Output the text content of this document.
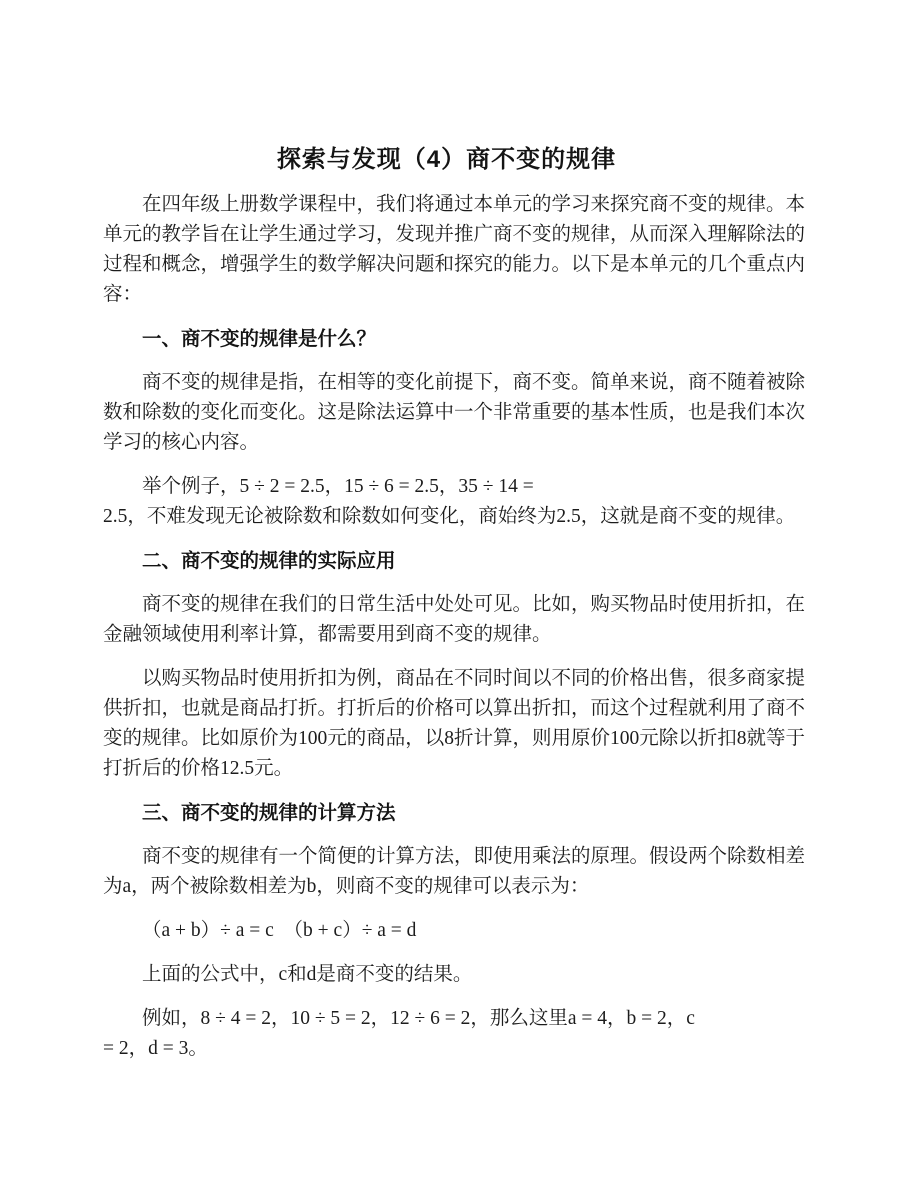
探索与发现（4）商不变的规律
在四年级上册数学课程中，我们将通过本单元的学习来探究商不变的规律。本
单元的教学旨在让学生通过学习，发现并推广商不变的规律，从而深入理解除法的
过程和概念，增强学生的数学解决问题和探究的能力。以下是本单元的几个重点内
容：
一、商不变的规律是什么？
商不变的规律是指，在相等的变化前提下，商不变。简单来说，商不随着被除
数和除数的变化而变化。这是除法运算中一个非常重要的基本性质，也是我们本次
学习的核心内容。
举个例子，5 ÷ 2 = 2.5，15 ÷ 6 = 2.5，35 ÷ 14 =
2.5，不难发现无论被除数和除数如何变化，商始终为2.5，这就是商不变的规律。
二、商不变的规律的实际应用
商不变的规律在我们的日常生活中处处可见。比如，购买物品时使用折扣，在
金融领域使用利率计算，都需要用到商不变的规律。
以购买物品时使用折扣为例，商品在不同时间以不同的价格出售，很多商家提
供折扣，也就是商品打折。打折后的价格可以算出折扣，而这个过程就利用了商不
变的规律。比如原价为100元的商品，以8折计算，则用原价100元除以折扣8就等于
打折后的价格12.5元。
三、商不变的规律的计算方法
商不变的规律有一个简便的计算方法，即使用乘法的原理。假设两个除数相差
为a，两个被除数相差为b，则商不变的规律可以表示为：
（a + b）÷ a = c  （b + c）÷ a = d
上面的公式中，c和d是商不变的结果。
例如，8 ÷ 4 = 2，10 ÷ 5 = 2，12 ÷ 6 = 2，那么这里a = 4，b = 2，c
= 2，d = 3。
